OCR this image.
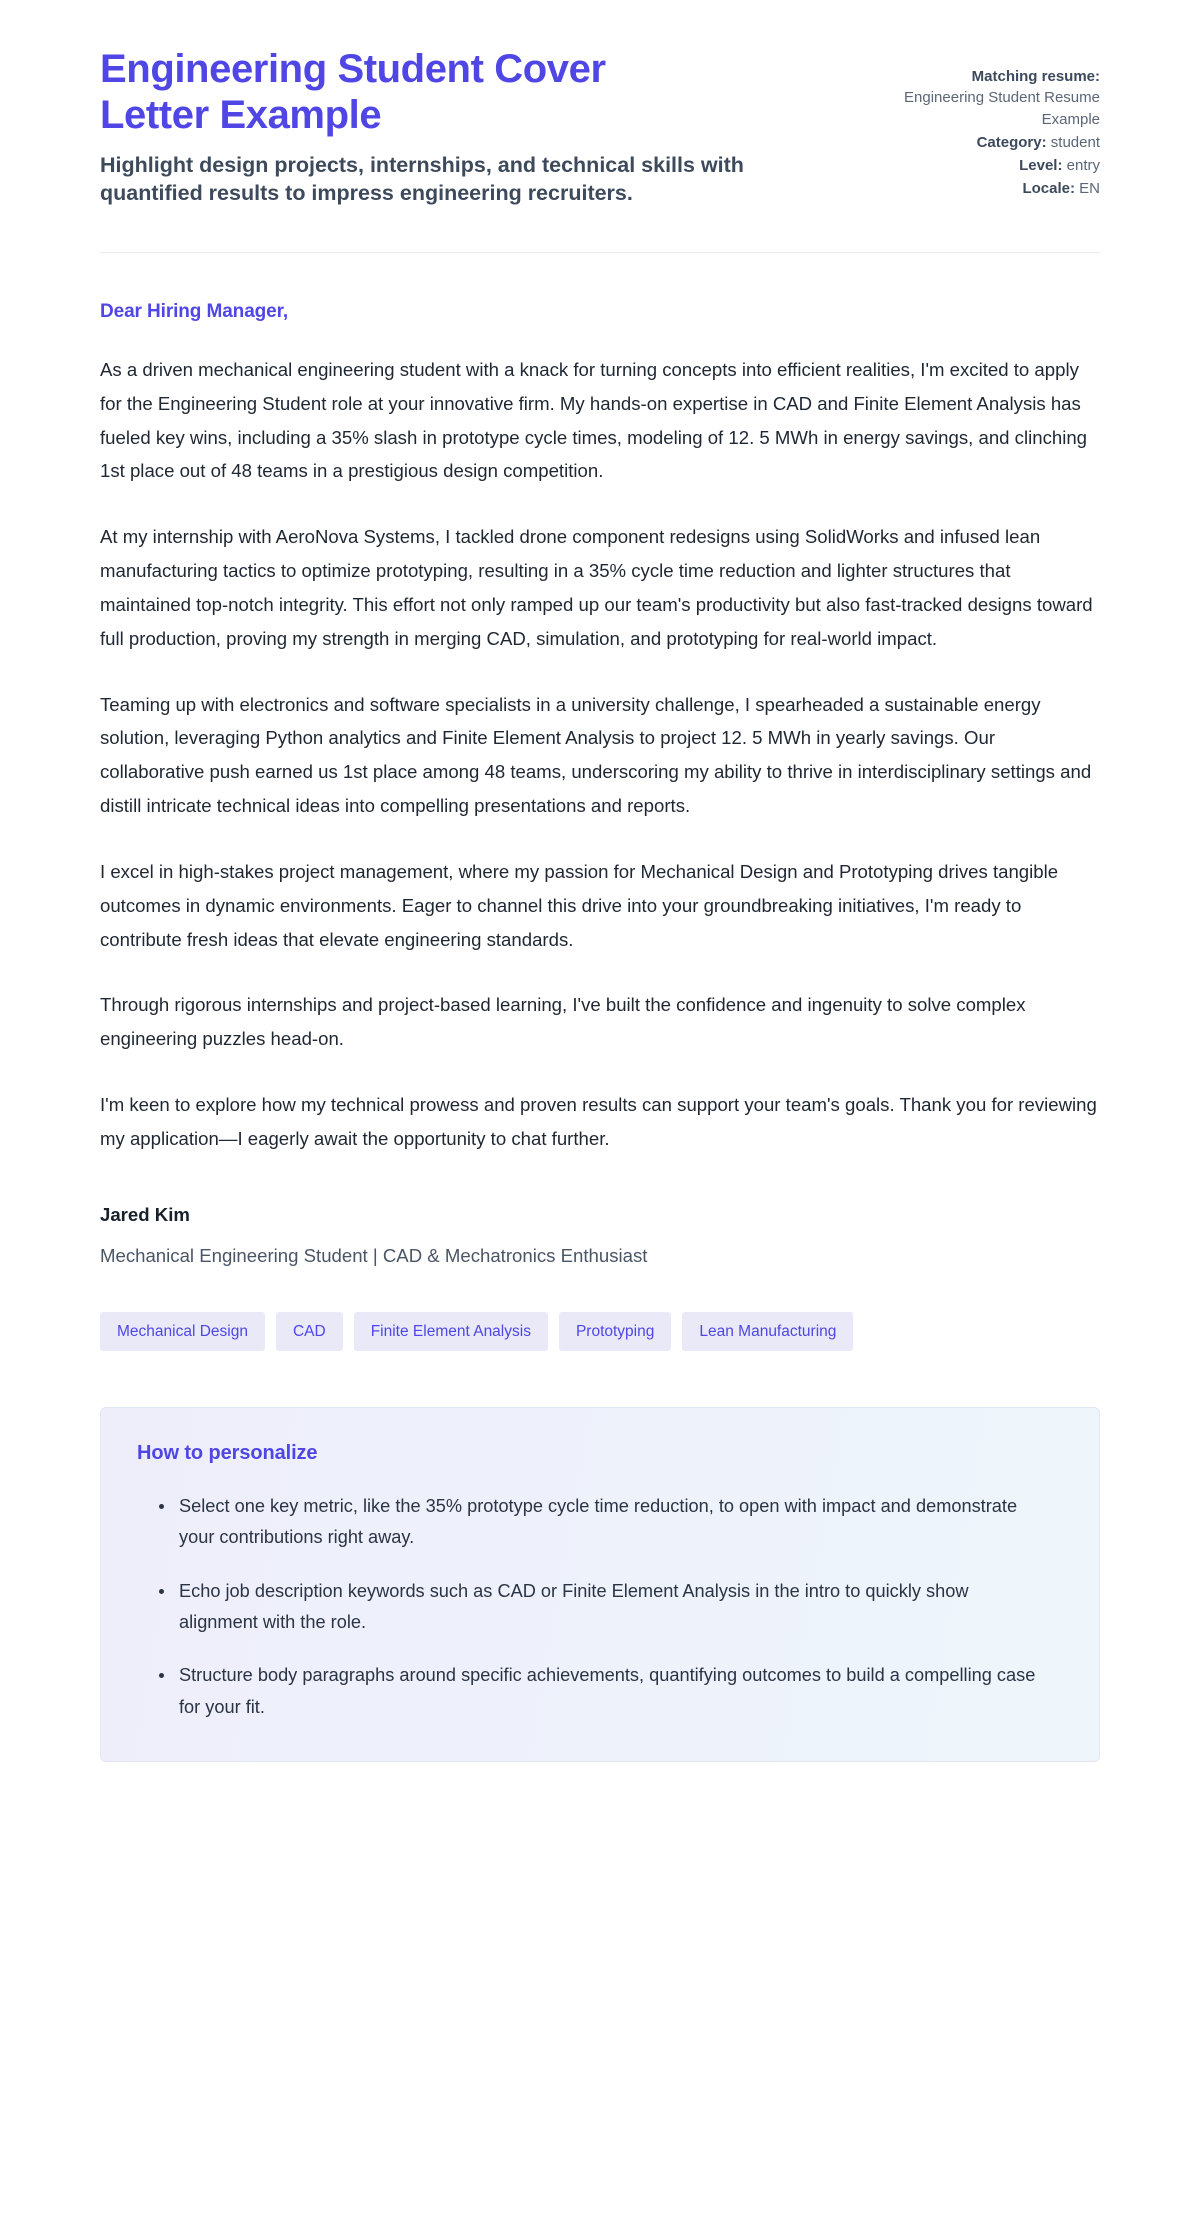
Engineering Student Cover Letter Example

Highlight design projects, internships, and technical skills with quantified results to impress engineering recruiters.

Matching resume:
Engineering Student Resume Example
Category: student
Level: entry
Locale: EN

Dear Hiring Manager,

As a driven mechanical engineering student with a knack for turning concepts into efficient realities, I'm excited to apply for the Engineering Student role at your innovative firm. My hands-on expertise in CAD and Finite Element Analysis has fueled key wins, including a 35% slash in prototype cycle times, modeling of 12. 5 MWh in energy savings, and clinching 1st place out of 48 teams in a prestigious design competition.

At my internship with AeroNova Systems, I tackled drone component redesigns using SolidWorks and infused lean manufacturing tactics to optimize prototyping, resulting in a 35% cycle time reduction and lighter structures that maintained top-notch integrity. This effort not only ramped up our team's productivity but also fast-tracked designs toward full production, proving my strength in merging CAD, simulation, and prototyping for real-world impact.

Teaming up with electronics and software specialists in a university challenge, I spearheaded a sustainable energy solution, leveraging Python analytics and Finite Element Analysis to project 12. 5 MWh in yearly savings. Our collaborative push earned us 1st place among 48 teams, underscoring my ability to thrive in interdisciplinary settings and distill intricate technical ideas into compelling presentations and reports.

I excel in high-stakes project management, where my passion for Mechanical Design and Prototyping drives tangible outcomes in dynamic environments. Eager to channel this drive into your groundbreaking initiatives, I'm ready to contribute fresh ideas that elevate engineering standards.

Through rigorous internships and project-based learning, I've built the confidence and ingenuity to solve complex engineering puzzles head-on.

I'm keen to explore how my technical prowess and proven results can support your team's goals. Thank you for reviewing my application—I eagerly await the opportunity to chat further.

Jared Kim

Mechanical Engineering Student | CAD & Mechatronics Enthusiast

Mechanical Design	CAD	Finite Element Analysis	Prototyping	Lean Manufacturing
How to personalize
Select one key metric, like the 35% prototype cycle time reduction, to open with impact and demonstrate your contributions right away.
Echo job description keywords such as CAD or Finite Element Analysis in the intro to quickly show alignment with the role.
Structure body paragraphs around specific achievements, quantifying outcomes to build a compelling case for your fit.
